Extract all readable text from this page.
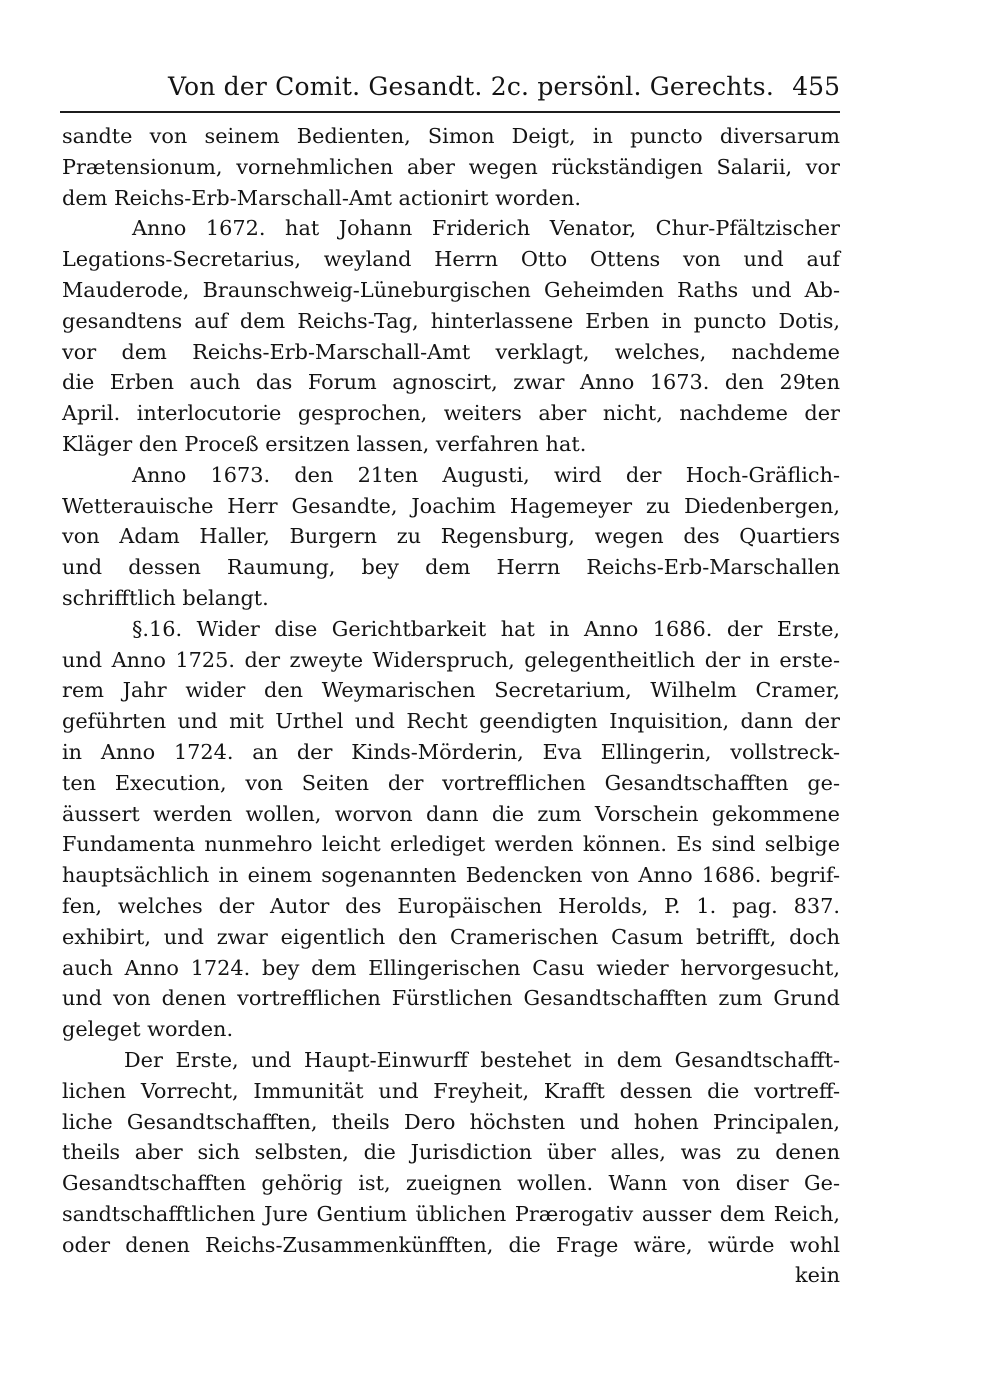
Von der Comit. Gesandt. 2c. persönl. Gerechts. 455
sandte von seinem Bedienten, Simon Deigt, in puncto diversarum
Prætensionum, vornehmlichen aber wegen rückständigen Salarii, vor
dem Reichs-Erb-Marschall-Amt actionirt worden.
Anno 1672. hat Johann Friderich Venator, Chur-Pfältzischer
Legations-Secretarius, weyland Herrn Otto Ottens von und auf
Mauderode, Braunschweig-Lüneburgischen Geheimden Raths und Ab-
gesandtens auf dem Reichs-Tag, hinterlassene Erben in puncto Dotis,
vor dem Reichs-Erb-Marschall-Amt verklagt, welches, nachdeme
die Erben auch das Forum agnoscirt, zwar Anno 1673. den 29ten
April. interlocutorie gesprochen, weiters aber nicht, nachdeme der
Kläger den Proceß ersitzen lassen, verfahren hat.
Anno 1673. den 21ten Augusti, wird der Hoch-Gräflich-
Wetterauische Herr Gesandte, Joachim Hagemeyer zu Diedenbergen,
von Adam Haller, Burgern zu Regensburg, wegen des Quartiers
und dessen Raumung, bey dem Herrn Reichs-Erb-Marschallen
schrifftlich belangt.
§.16. Wider dise Gerichtbarkeit hat in Anno 1686. der Erste,
und Anno 1725. der zweyte Widerspruch, gelegentheitlich der in erste-
rem Jahr wider den Weymarischen Secretarium, Wilhelm Cramer,
geführten und mit Urthel und Recht geendigten Inquisition, dann der
in Anno 1724. an der Kinds-Mörderin, Eva Ellingerin, vollstreck-
ten Execution, von Seiten der vortrefflichen Gesandtschafften ge-
äussert werden wollen, worvon dann die zum Vorschein gekommene
Fundamenta nunmehro leicht erlediget werden können. Es sind selbige
hauptsächlich in einem sogenannten Bedencken von Anno 1686. begrif-
fen, welches der Autor des Europäischen Herolds, P. 1. pag. 837.
exhibirt, und zwar eigentlich den Cramerischen Casum betrifft, doch
auch Anno 1724. bey dem Ellingerischen Casu wieder hervorgesucht,
und von denen vortrefflichen Fürstlichen Gesandtschafften zum Grund
geleget worden.
Der Erste, und Haupt-Einwurff bestehet in dem Gesandtschafft-
lichen Vorrecht, Immunität und Freyheit, Krafft dessen die vortreff-
liche Gesandtschafften, theils Dero höchsten und hohen Principalen,
theils aber sich selbsten, die Jurisdiction über alles, was zu denen
Gesandtschafften gehörig ist, zueignen wollen. Wann von diser Ge-
sandtschafftlichen Jure Gentium üblichen Prærogativ ausser dem Reich,
oder denen Reichs-Zusammenkünfften, die Frage wäre, würde wohl
kein
